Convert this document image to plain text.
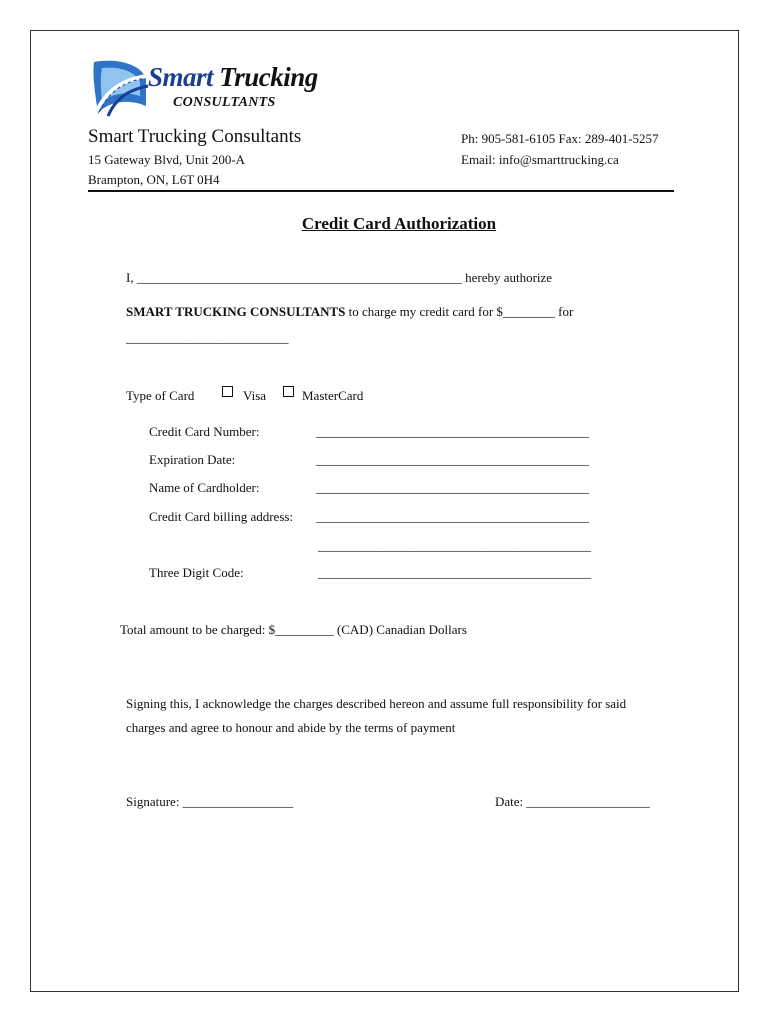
Smart Trucking
CONSULTANTS
Smart Trucking Consultants
15 Gateway Blvd, Unit 200-A
Brampton, ON, L6T 0H4
Ph: 905-581-6105 Fax: 289-401-5257
Email: info@smarttrucking.ca
Credit Card Authorization
I, __________________________________________________ hereby authorize
SMART TRUCKING CONSULTANTS to charge my credit card for $________ for
_________________________
Type of Card	Visa	MasterCard
Credit Card Number:	__________________________________________
Expiration Date:	__________________________________________
Name of Cardholder:	__________________________________________
Credit Card billing address: __________________________________________
__________________________________________
Three Digit Code:	__________________________________________
Total amount to be charged: $_________ (CAD) Canadian Dollars
Signing this, I acknowledge the charges described hereon and assume full responsibility for said
charges and agree to honour and abide by the terms of payment
Signature: _________________	Date: ___________________
